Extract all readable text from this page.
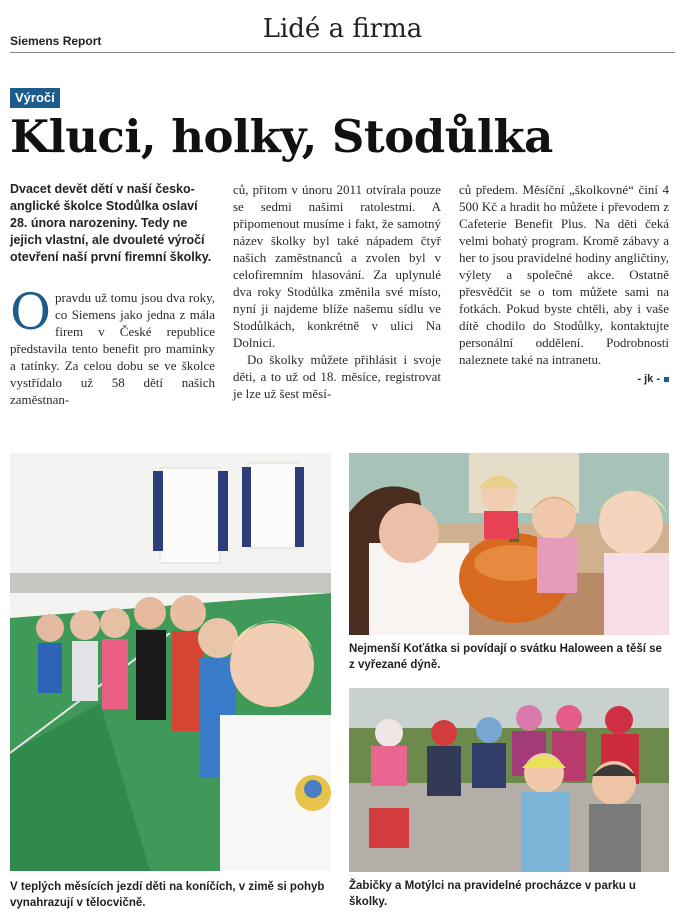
Siemens Report	Lidé a firma
Výročí
Kluci, holky, Stodůlka

Dvacet devět dětí v naší česko-anglické školce Stodůlka oslaví 28. února narozeniny. Tedy ne jejich vlastní, ale dvouleté výročí otevření naší první firemní školky.

Opravdu už tomu jsou dva roky, co Siemens jako jedna z mála firem v České republice představila tento benefit pro maminky a tatínky. Za celou dobu se ve školce vystřídalo už 58 dětí našich zaměstnan-

ců, přitom v únoru 2011 otvírala pouze se sedmi našimi ratolestmi. A připomenout musíme i fakt, že samotný název školky byl také nápadem čtyř našich zaměstnanců a zvolen byl v celofiremním hlasování. Za uplynulé dva roky Stodůlka změnila své místo, nyní ji najdeme blíže našemu sídlu ve Stodůlkách, konkrétně v ulici Na Dolnici.

Do školky můžete přihlásit i svoje děti, a to už od 18. měsíce, registrovat je lze už šest měsí-

ců předem. Měsíční „školkovné“ činí 4 500 Kč a hradit ho můžete i převodem z Cafeterie Benefit Plus. Na děti čeká velmi bohatý program. Kromě zábavy a her to jsou pravidelné hodiny angličtiny, výlety a společné akce. Ostatně přesvědčit se o tom můžete sami na fotkách. Pokud byste chtěli, aby i vaše dítě chodilo do Stodůlky, kontaktujte personální oddělení. Podrobnosti naleznete také na intranetu.

- jk -
V teplých měsících jezdí děti na koníčích, v zimě si pohyb vynahrazují v tělocvičně.
Nejmenší Koťátka si povídají o svátku Haloween a těší se z vyřezané dýně.
Žabičky a Motýlci na pravidelné procházce v parku u školky.
